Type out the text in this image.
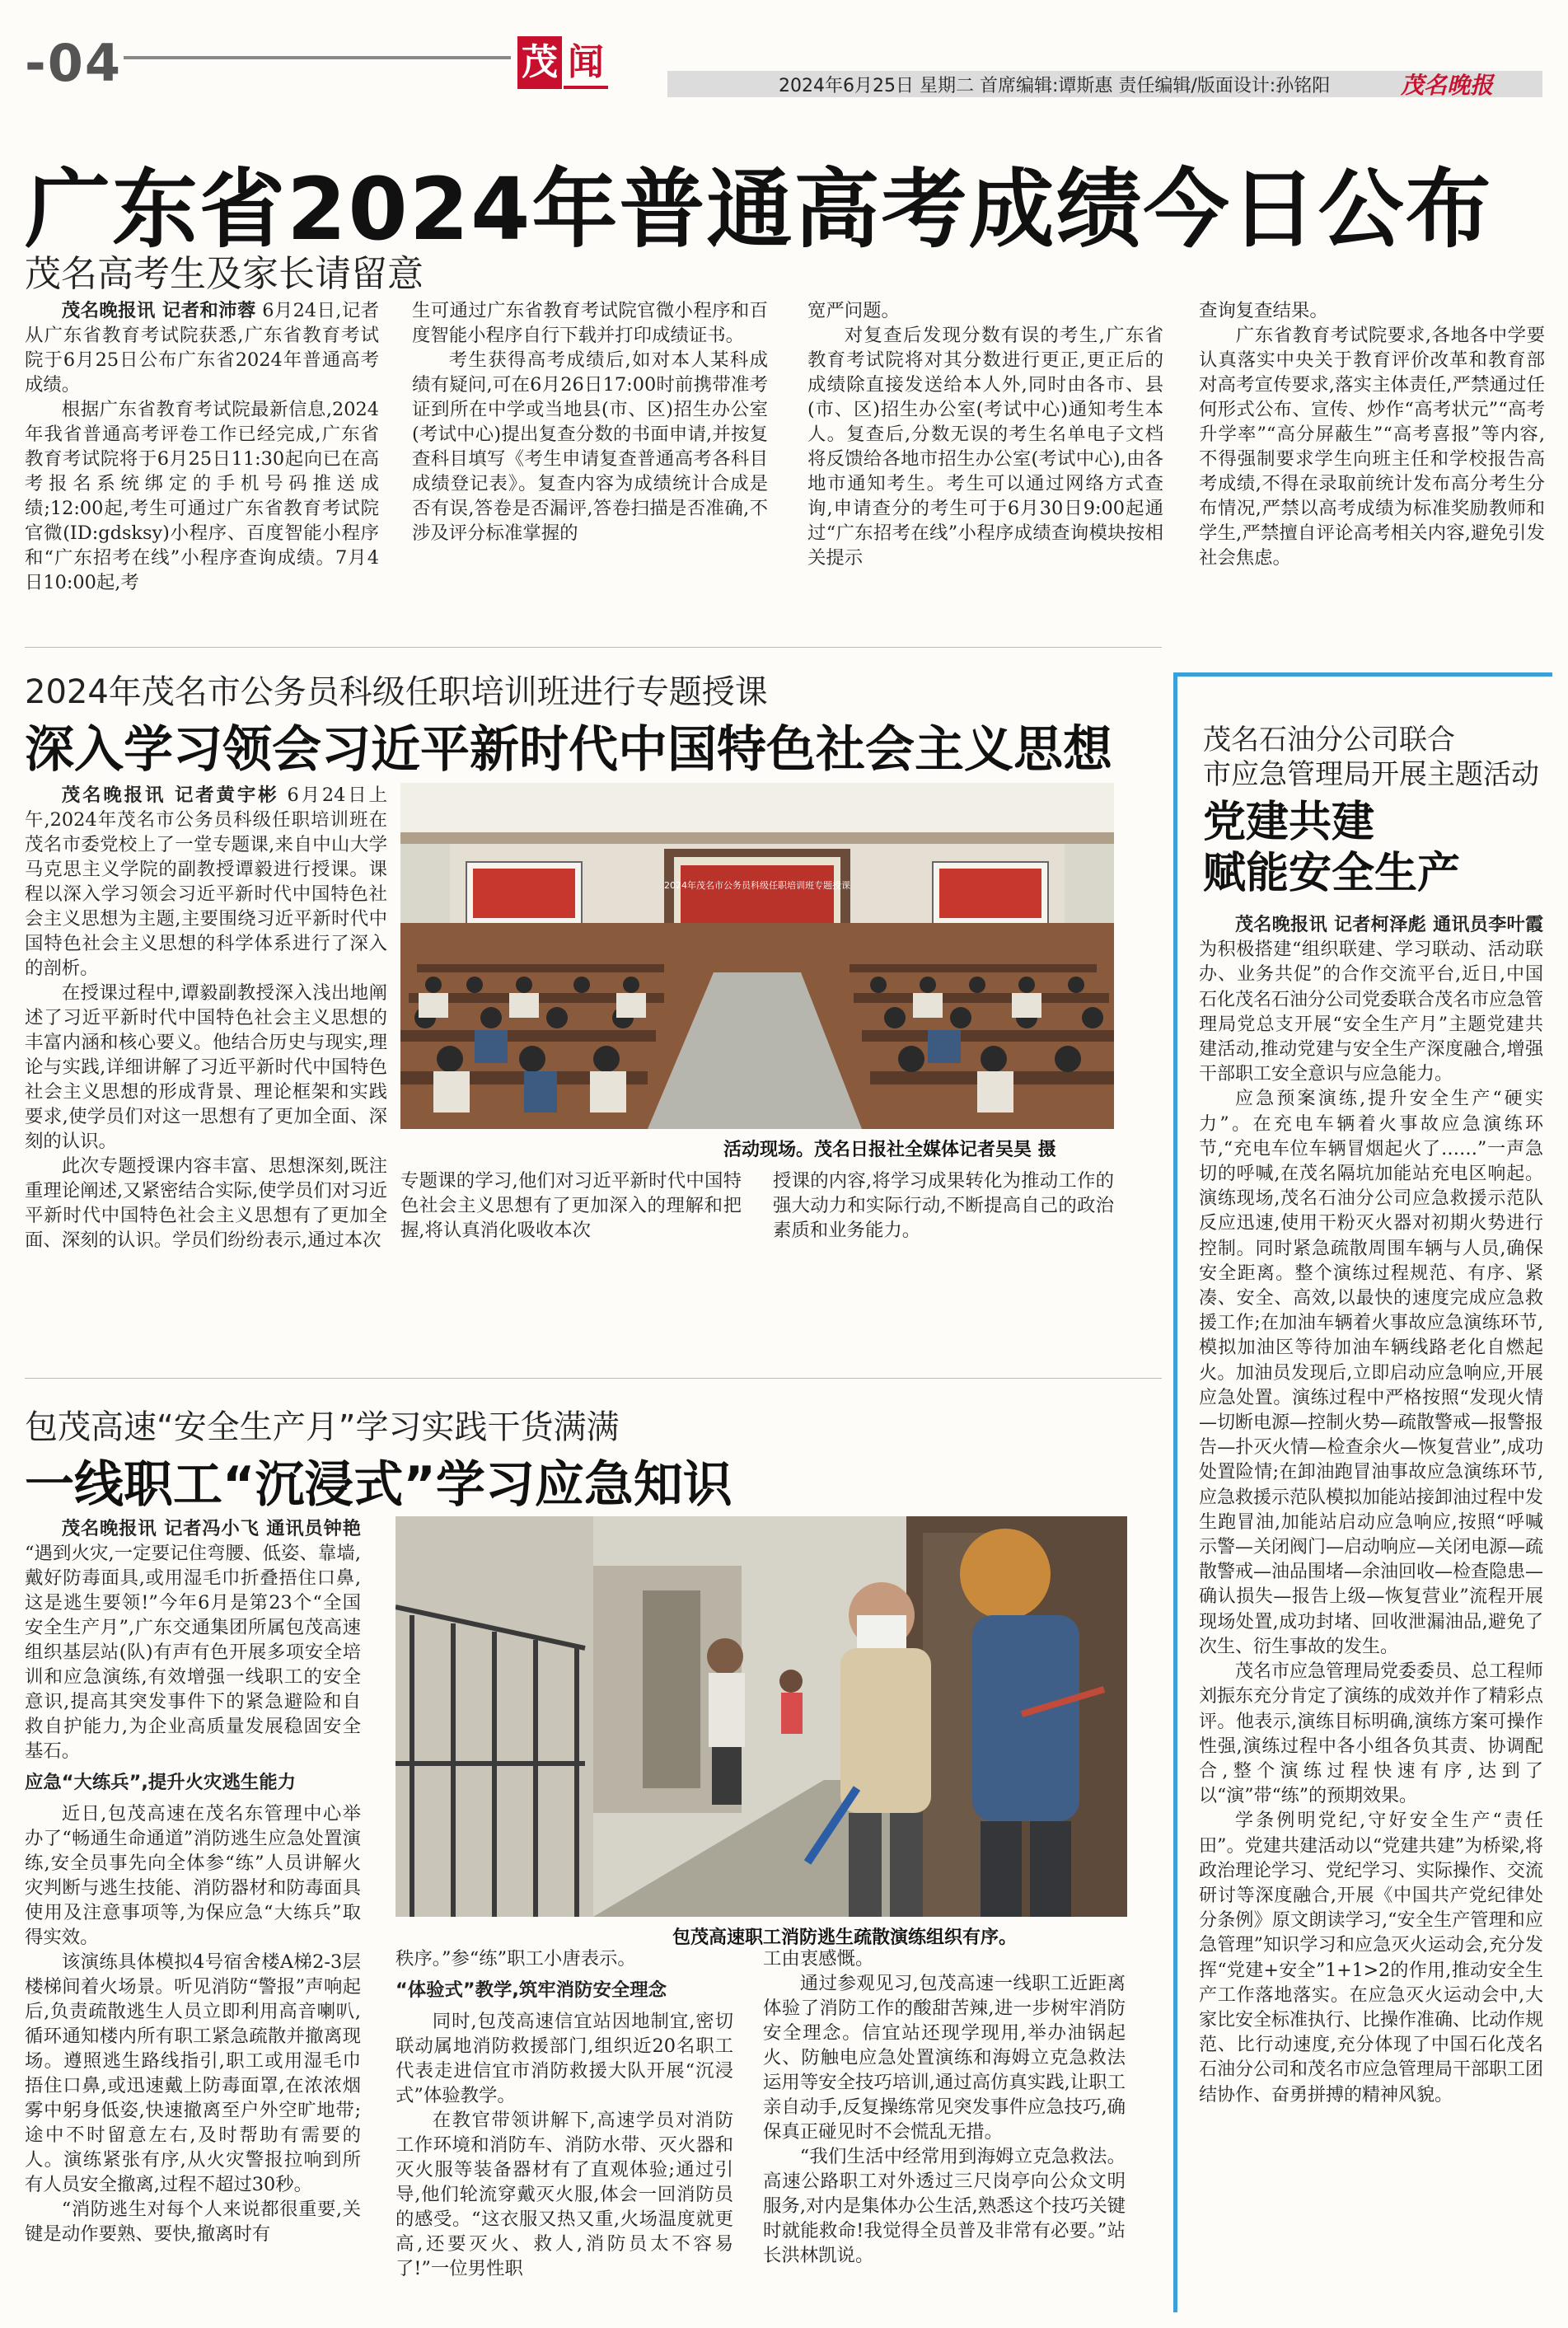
-04	茂 闻
2024年6月25日 星期二 首席编辑:谭斯惠 责任编辑/版面设计:孙铭阳	茂名晚报
广东省2024年普通高考成绩今日公布
茂名高考生及家长请留意

茂名晚报讯 记者和沛蓉 6月24日,记者从广东省教育考试院获悉,广东省教育考试院于6月25日公布广东省2024年普通高考成绩。

根据广东省教育考试院最新信息,2024年我省普通高考评卷工作已经完成,广东省教育考试院将于6月25日11:30起向已在高考报名系统绑定的手机号码推送成绩;12:00起,考生可通过广东省教育考试院官微(ID:gdsksy)小程序、百度智能小程序和“广东招考在线”小程序查询成绩。7月4日10:00起,考

生可通过广东省教育考试院官微小程序和百度智能小程序自行下载并打印成绩证书。

考生获得高考成绩后,如对本人某科成绩有疑问,可在6月26日17:00时前携带准考证到所在中学或当地县(市、区)招生办公室(考试中心)提出复查分数的书面申请,并按复查科目填写《考生申请复查普通高考各科目成绩登记表》。复查内容为成绩统计合成是否有误,答卷是否漏评,答卷扫描是否准确,不涉及评分标准掌握的

宽严问题。

对复查后发现分数有误的考生,广东省教育考试院将对其分数进行更正,更正后的成绩除直接发送给本人外,同时由各市、县(市、区)招生办公室(考试中心)通知考生本人。复查后,分数无误的考生名单电子文档将反馈给各地市招生办公室(考试中心),由各地市通知考生。考生可以通过网络方式查询,申请查分的考生可于6月30日9:00起通过“广东招考在线”小程序成绩查询模块按相关提示

查询复查结果。

广东省教育考试院要求,各地各中学要认真落实中央关于教育评价改革和教育部对高考宣传要求,落实主体责任,严禁通过任何形式公布、宣传、炒作“高考状元”“高考升学率”“高分屏蔽生”“高考喜报”等内容,不得强制要求学生向班主任和学校报告高考成绩,不得在录取前统计发布高分考生分布情况,严禁以高考成绩为标准奖励教师和学生,严禁擅自评论高考相关内容,避免引发社会焦虑。

2024年茂名市公务员科级任职培训班进行专题授课
深入学习领会习近平新时代中国特色社会主义思想

茂名晚报讯 记者黄宇彬 6月24日上午,2024年茂名市公务员科级任职培训班在茂名市委党校上了一堂专题课,来自中山大学马克思主义学院的副教授谭毅进行授课。课程以深入学习领会习近平新时代中国特色社会主义思想为主题,主要围绕习近平新时代中国特色社会主义思想的科学体系进行了深入的剖析。

在授课过程中,谭毅副教授深入浅出地阐述了习近平新时代中国特色社会主义思想的丰富内涵和核心要义。他结合历史与现实,理论与实践,详细讲解了习近平新时代中国特色社会主义思想的形成背景、理论框架和实践要求,使学员们对这一思想有了更加全面、深刻的认识。

此次专题授课内容丰富、思想深刻,既注重理论阐述,又紧密结合实际,使学员们对习近平新时代中国特色社会主义思想有了更加全面、深刻的认识。学员们纷纷表示,通过本次

2024年茂名市公务员科级任职培训班专题授课
活动现场。茂名日报社全媒体记者吴昊 摄

专题课的学习,他们对习近平新时代中国特色社会主义思想有了更加深入的理解和把握,将认真消化吸收本次

授课的内容,将学习成果转化为推动工作的强大动力和实际行动,不断提高自己的政治素质和业务能力。

包茂高速“安全生产月”学习实践干货满满
一线职工“沉浸式”学习应急知识

茂名晚报讯 记者冯小飞 通讯员钟艳 “遇到火灾,一定要记住弯腰、低姿、靠墙,戴好防毒面具,或用湿毛巾折叠捂住口鼻,这是逃生要领!”今年6月是第23个“全国安全生产月”,广东交通集团所属包茂高速组织基层站(队)有声有色开展多项安全培训和应急演练,有效增强一线职工的安全意识,提高其突发事件下的紧急避险和自救自护能力,为企业高质量发展稳固安全基石。

应急“大练兵”,提升火灾逃生能力

近日,包茂高速在茂名东管理中心举办了“畅通生命通道”消防逃生应急处置演练,安全员事先向全体参“练”人员讲解火灾判断与逃生技能、消防器材和防毒面具使用及注意事项等,为保应急“大练兵”取得实效。

该演练具体模拟4号宿舍楼A梯2-3层楼梯间着火场景。听见消防“警报”声响起后,负责疏散逃生人员立即利用高音喇叭,循环通知楼内所有职工紧急疏散并撤离现场。遵照逃生路线指引,职工或用湿毛巾捂住口鼻,或迅速戴上防毒面罩,在浓浓烟雾中躬身低姿,快速撤离至户外空旷地带;途中不时留意左右,及时帮助有需要的人。演练紧张有序,从火灾警报拉响到所有人员安全撤离,过程不超过30秒。

“消防逃生对每个人来说都很重要,关键是动作要熟、要快,撤离时有

包茂高速职工消防逃生疏散演练组织有序。

秩序。”参“练”职工小唐表示。

“体验式”教学,筑牢消防安全理念

同时,包茂高速信宜站因地制宜,密切联动属地消防救援部门,组织近20名职工代表走进信宜市消防救援大队开展“沉浸式”体验教学。

在教官带领讲解下,高速学员对消防工作环境和消防车、消防水带、灭火器和灭火服等装备器材有了直观体验;通过引导,他们轮流穿戴灭火服,体会一回消防员的感受。“这衣服又热又重,火场温度就更高,还要灭火、救人,消防员太不容易了!”一位男性职

工由衷感慨。

通过参观见习,包茂高速一线职工近距离体验了消防工作的酸甜苦辣,进一步树牢消防安全理念。信宜站还现学现用,举办油锅起火、防触电应急处置演练和海姆立克急救法运用等安全技巧培训,通过高仿真实践,让职工亲自动手,反复操练常见突发事件应急技巧,确保真正碰见时不会慌乱无措。

“我们生活中经常用到海姆立克急救法。高速公路职工对外透过三尺岗亭向公众文明服务,对内是集体办公生活,熟悉这个技巧关键时就能救命!我觉得全员普及非常有必要。”站长洪林凯说。

茂名石油分公司联合
市应急管理局开展主题活动
党建共建
赋能安全生产

茂名晚报讯 记者柯泽彪 通讯员李叶霞 为积极搭建“组织联建、学习联动、活动联办、业务共促”的合作交流平台,近日,中国石化茂名石油分公司党委联合茂名市应急管理局党总支开展“安全生产月”主题党建共建活动,推动党建与安全生产深度融合,增强干部职工安全意识与应急能力。

应急预案演练,提升安全生产“硬实力”。在充电车辆着火事故应急演练环节,“充电车位车辆冒烟起火了……”一声急切的呼喊,在茂名隔坑加能站充电区响起。演练现场,茂名石油分公司应急救援示范队反应迅速,使用干粉灭火器对初期火势进行控制。同时紧急疏散周围车辆与人员,确保安全距离。整个演练过程规范、有序、紧凑、安全、高效,以最快的速度完成应急救援工作;在加油车辆着火事故应急演练环节,模拟加油区等待加油车辆线路老化自燃起火。加油员发现后,立即启动应急响应,开展应急处置。演练过程中严格按照“发现火情—切断电源—控制火势—疏散警戒—报警报告—扑灭火情—检查余火—恢复营业”,成功处置险情;在卸油跑冒油事故应急演练环节,应急救援示范队模拟加能站接卸油过程中发生跑冒油,加能站启动应急响应,按照“呼喊示警—关闭阀门—启动响应—关闭电源—疏散警戒—油品围堵—余油回收—检查隐患—确认损失—报告上级—恢复营业”流程开展现场处置,成功封堵、回收泄漏油品,避免了次生、衍生事故的发生。

茂名市应急管理局党委委员、总工程师刘振东充分肯定了演练的成效并作了精彩点评。他表示,演练目标明确,演练方案可操作性强,演练过程中各小组各负其责、协调配合,整个演练过程快速有序,达到了以“演”带“练”的预期效果。

学条例明党纪,守好安全生产“责任田”。党建共建活动以“党建共建”为桥梁,将政治理论学习、党纪学习、实际操作、交流研讨等深度融合,开展《中国共产党纪律处分条例》原文朗读学习,“安全生产管理和应急管理”知识学习和应急灭火运动会,充分发挥“党建+安全”1+1>2的作用,推动安全生产工作落地落实。在应急灭火运动会中,大家比安全标准执行、比操作准确、比动作规范、比行动速度,充分体现了中国石化茂名石油分公司和茂名市应急管理局干部职工团结协作、奋勇拼搏的精神风貌。
